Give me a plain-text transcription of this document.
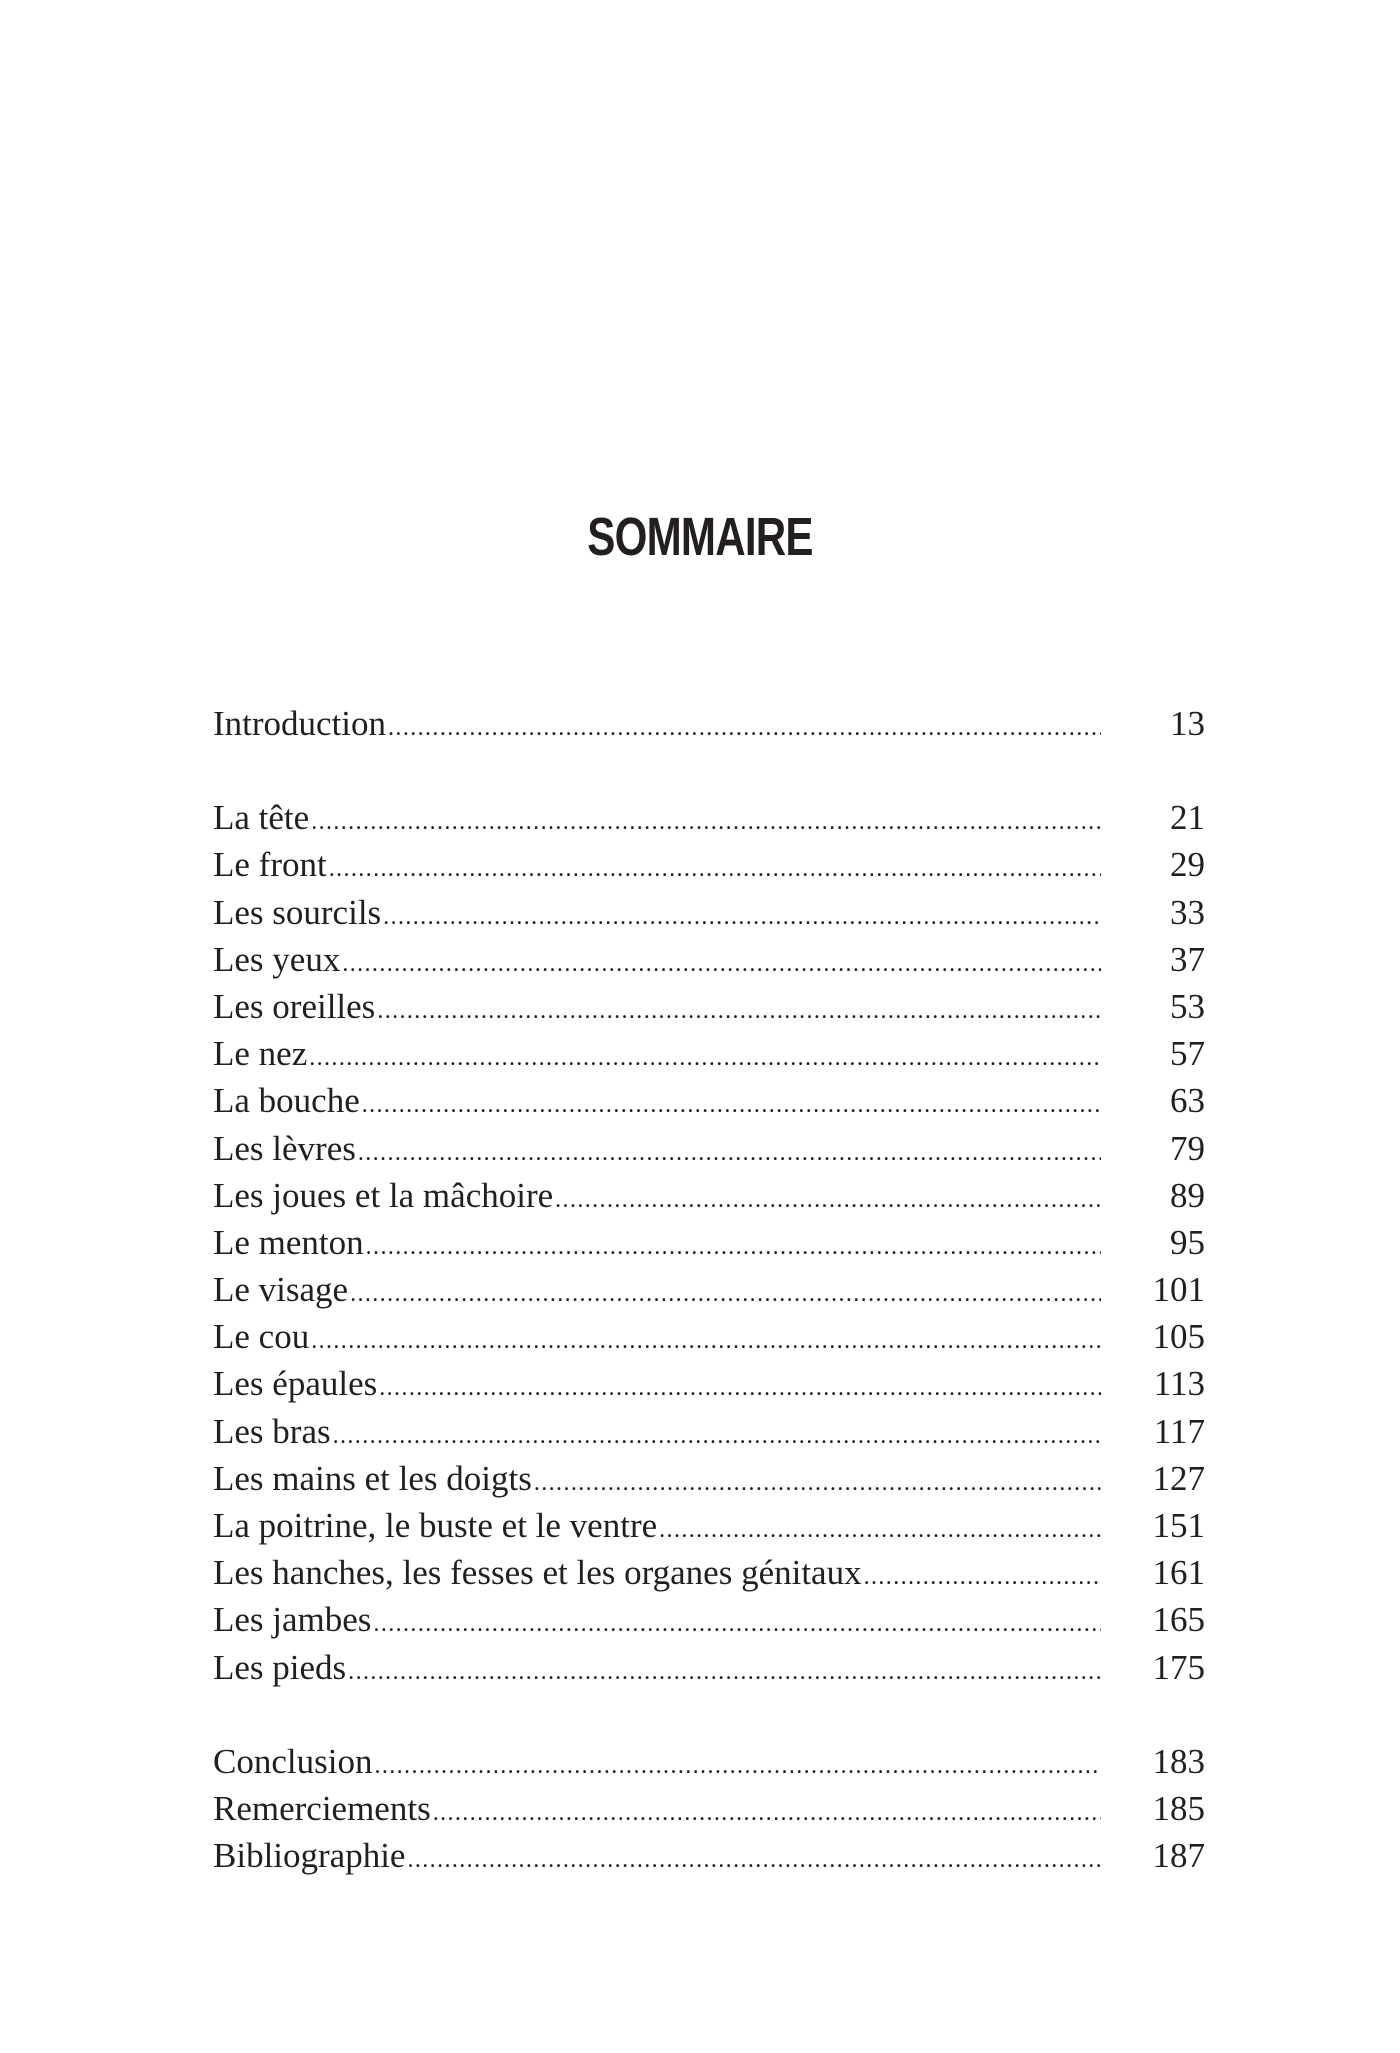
SOMMAIRE
Introduction .....	13
La tête .....	21
Le front .....	29
Les sourcils .....	33
Les yeux .....	37
Les oreilles .....	53
Le nez .....	57
La bouche .....	63
Les lèvres .....	79
Les joues et la mâchoire .....	89
Le menton .....	95
Le visage .....	101
Le cou .....	105
Les épaules .....	113
Les bras .....	117
Les mains et les doigts .....	127
La poitrine, le buste et le ventre .....	151
Les hanches, les fesses et les organes génitaux .....	161
Les jambes .....	165
Les pieds .....	175
Conclusion .....	183
Remerciements .....	185
Bibliographie .....	187
